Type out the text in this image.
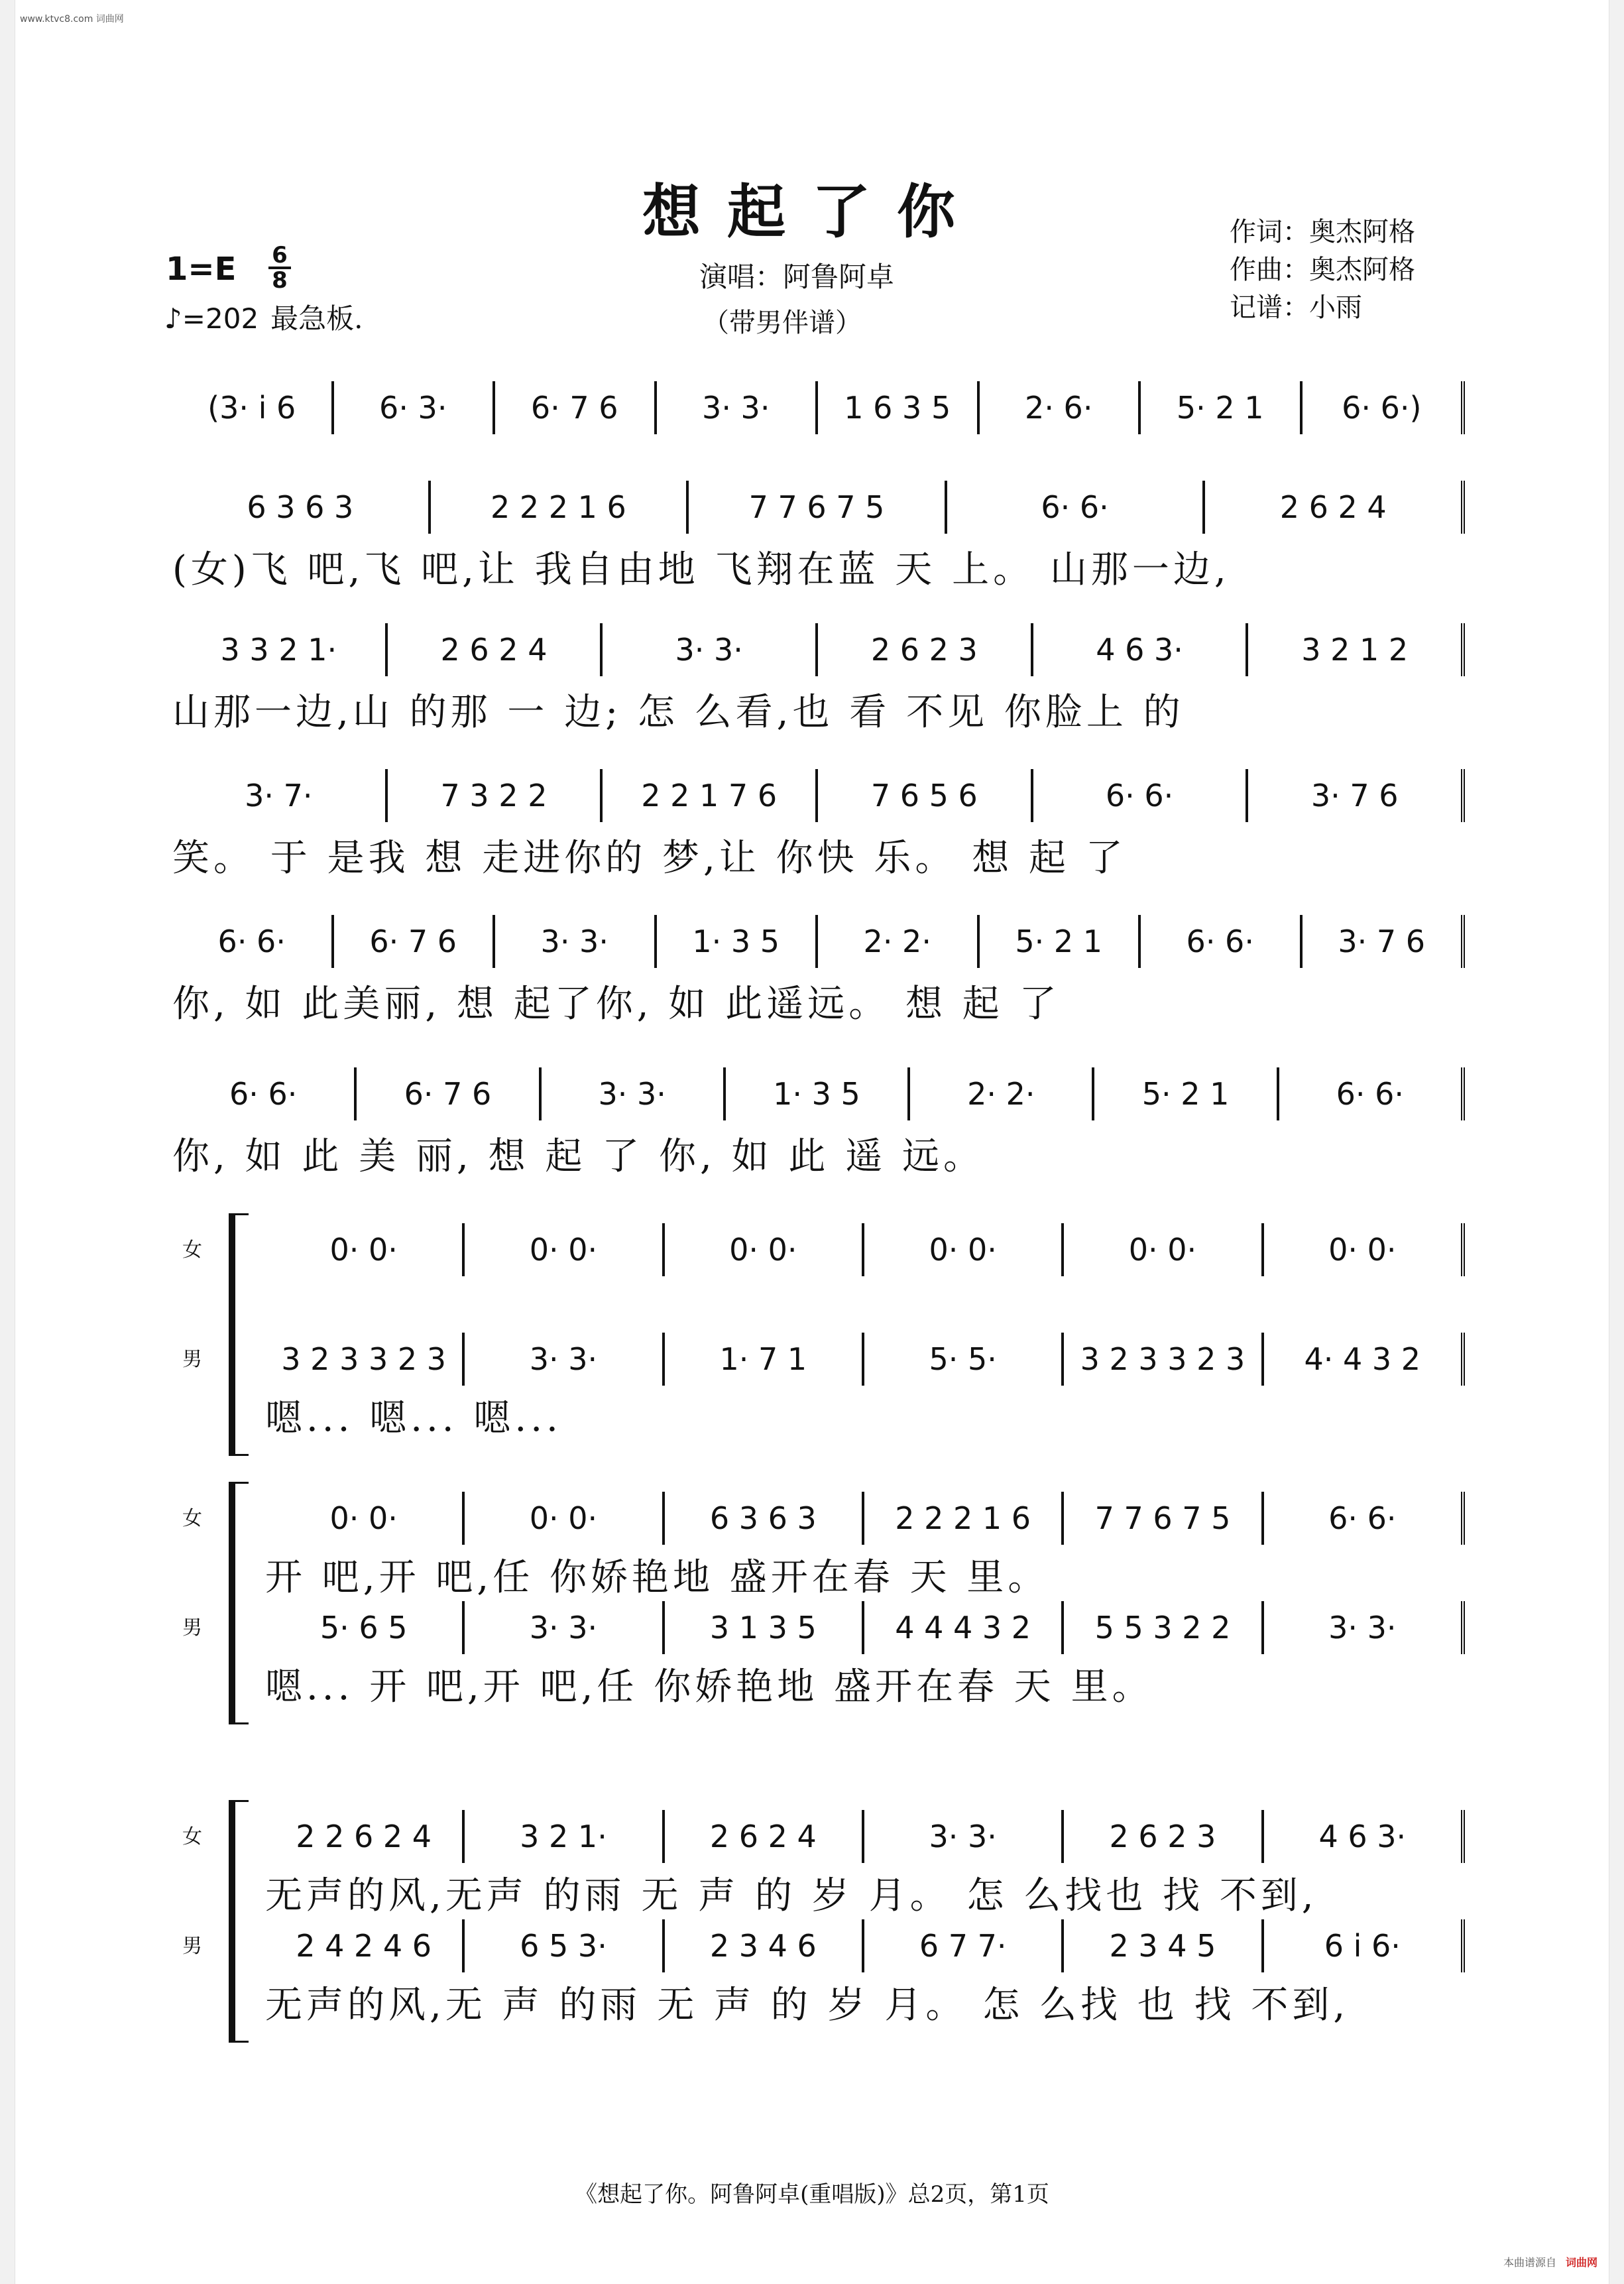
www.ktvc8.com 词曲网
想起了你
演唱：阿鲁阿卓
（带男伴谱）
作词：奥杰阿格
作曲：奥杰阿格
记谱：小雨
1=E 6
8
♪=202 最急板.
(3· i 6	6· 3·	6· 7 6	3· 3·	1 6 3 5	2· 6·	5· 2 1	6· 6·)
6 3 6 3	2 2 2 1 6	7 7 6 7 5	6· 6·	2 6 2 4
(女)飞 吧,飞 吧,让 我自由地 飞翔在蓝 天 上。 山那一边,
3 3 2 1·	2 6 2 4	3· 3·	2 6 2 3	4 6 3·	3 2 1 2
山那一边,山 的那 一 边; 怎 么看,也 看 不见 你脸上 的
3· 7·	7 3 2 2	2 2 1 7 6	7 6 5 6	6· 6·	3· 7 6
笑。 于 是我 想 走进你的 梦,让 你快 乐。 想 起 了
6· 6·	6· 7 6	3· 3·	1· 3 5	2· 2·	5· 2 1	6· 6·	3· 7 6
你, 如 此美丽, 想 起了你, 如 此遥远。 想 起 了
6· 6·	6· 7 6	3· 3·	1· 3 5	2· 2·	5· 2 1	6· 6·
你, 如 此 美 丽, 想 起 了 你, 如 此 遥 远。
女
男
0· 0·	0· 0·	0· 0·	0· 0·	0· 0·	0· 0·
3 2 3 3 2 3	3· 3·	1· 7 1	5· 5·	3 2 3 3 2 3	4· 4 3 2
嗯... 嗯... 嗯...
女
男
0· 0·	0· 0·	6 3 6 3	2 2 2 1 6	7 7 6 7 5	6· 6·
开 吧,开 吧,任 你娇艳地 盛开在春 天 里。
5· 6 5	3· 3·	3 1 3 5	4 4 4 3 2	5 5 3 2 2	3· 3·
嗯... 开 吧,开 吧,任 你娇艳地 盛开在春 天 里。
女
男
2 2 6 2 4	3 2 1·	2 6 2 4	3· 3·	2 6 2 3	4 6 3·
无声的风,无声 的雨 无 声 的 岁 月。 怎 么找也 找 不到,
2 4 2 4 6	6 5 3·	2 3 4 6	6 7 7·	2 3 4 5	6 i 6·
无声的风,无 声 的雨 无 声 的 岁 月。 怎 么找 也 找 不到,
《想起了你。阿鲁阿卓(重唱版)》总2页，第1页
本曲谱源自 词曲网
